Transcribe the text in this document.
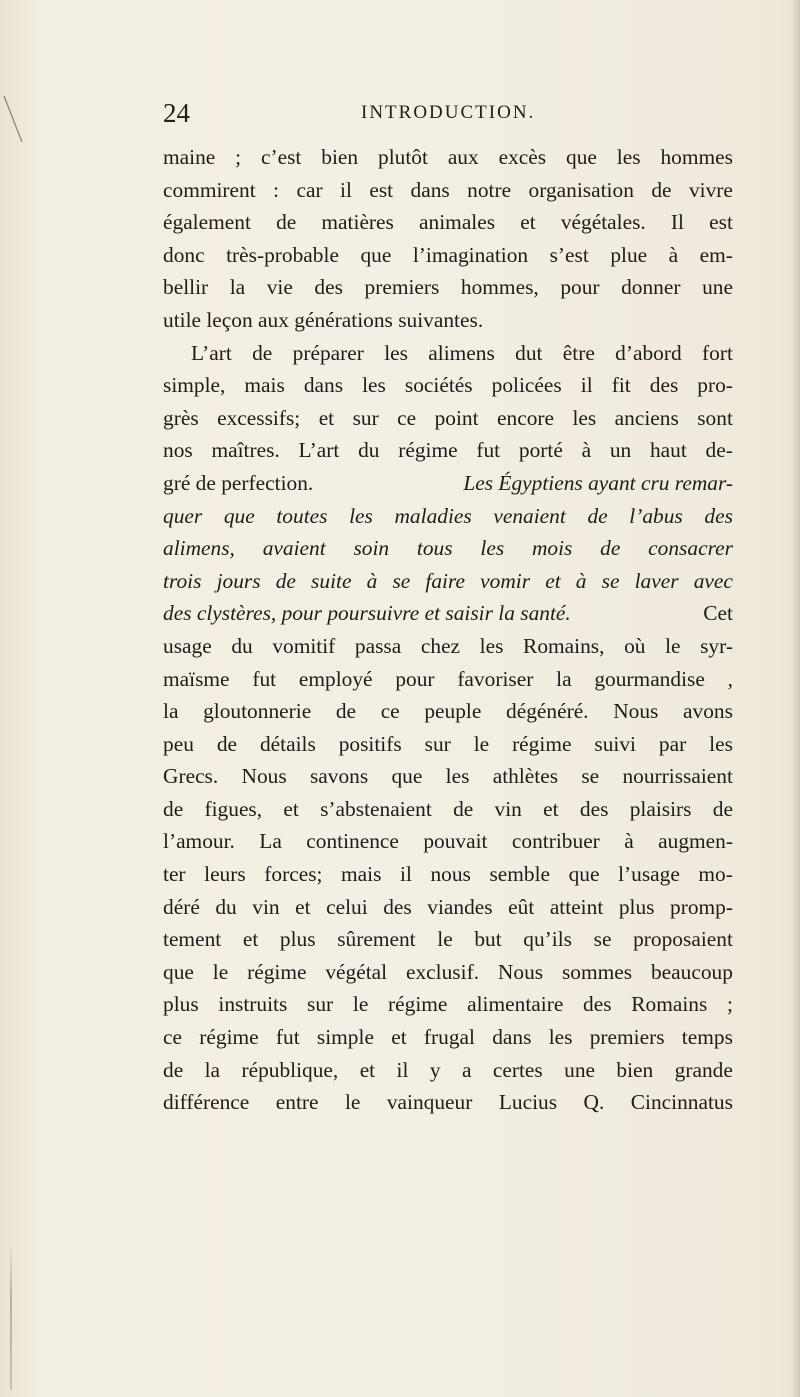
24	INTRODUCTION.
maine ; c’est bien plutôt aux excès que les hommes
commirent : car il est dans notre organisation de vivre
également de matières animales et végétales. Il est
donc très-probable que l’imagination s’est plue à em-
bellir la vie des premiers hommes, pour donner une
utile leçon aux générations suivantes.
L’art de préparer les alimens dut être d’abord fort
simple, mais dans les sociétés policées il fit des pro-
grès excessifs; et sur ce point encore les anciens sont
nos maîtres. L’art du régime fut porté à un haut de-
gré de perfection.	Les Égyptiens ayant cru remar-
quer que toutes les maladies venaient de l’abus des
alimens, avaient soin tous les mois de consacrer
trois jours de suite à se faire vomir et à se laver avec
des clystères, pour poursuivre et saisir la santé.	Cet
usage du vomitif passa chez les Romains, où le syr-
maïsme fut employé pour favoriser la gourmandise ,
la gloutonnerie de ce peuple dégénéré. Nous avons
peu de détails positifs sur le régime suivi par les
Grecs. Nous savons que les athlètes se nourrissaient
de figues, et s’abstenaient de vin et des plaisirs de
l’amour. La continence pouvait contribuer à augmen-
ter leurs forces; mais il nous semble que l’usage mo-
déré du vin et celui des viandes eût atteint plus promp-
tement et plus sûrement le but qu’ils se proposaient
que le régime végétal exclusif. Nous sommes beaucoup
plus instruits sur le régime alimentaire des Romains ;
ce régime fut simple et frugal dans les premiers temps
de la république, et il y a certes une bien grande
différence entre le vainqueur Lucius Q. Cincinnatus
